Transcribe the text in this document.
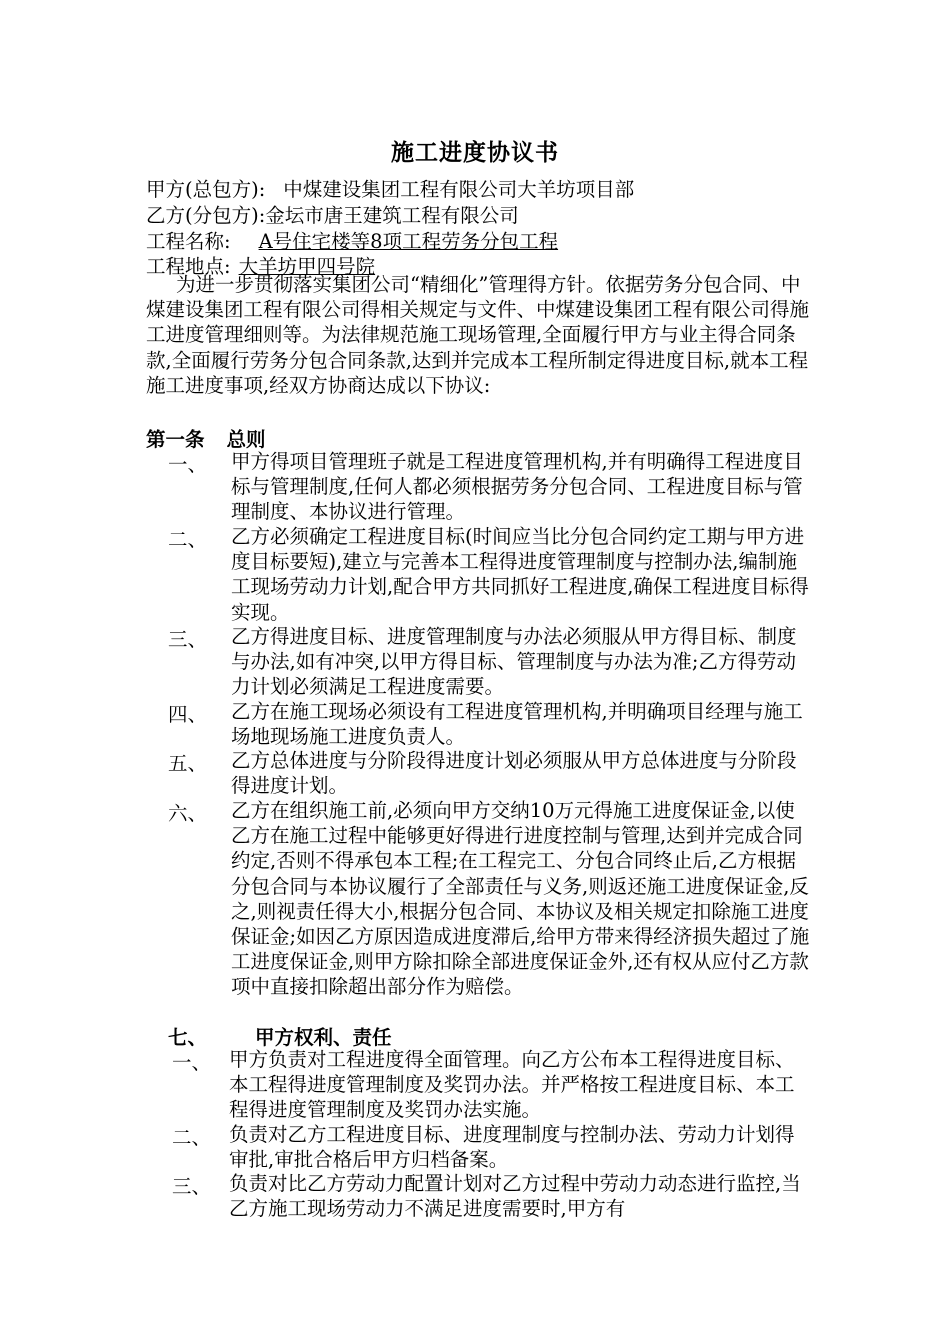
施工进度协议书
甲方(总包方): 中煤建设集团工程有限公司大羊坊项目部
乙方(分包方):金坛市唐王建筑工程有限公司
工程名称: A号住宅楼等8项工程劳务分包工程
工程地点: 大羊坊甲四号院
为进一步贯彻落实集团公司“精细化”管理得方针。依据劳务分包合同、中煤建设集团工程有限公司得相关规定与文件、中煤建设集团工程有限公司得施工进度管理细则等。为法律规范施工现场管理,全面履行甲方与业主得合同条款,全面履行劳务分包合同条款,达到并完成本工程所制定得进度目标,就本工程施工进度事项,经双方协商达成以下协议:
第一条 总则
一、 甲方得项目管理班子就是工程进度管理机构,并有明确得工程进度目标与管理制度,任何人都必须根据劳务分包合同、工程进度目标与管理制度、本协议进行管理。
二、 乙方必须确定工程进度目标(时间应当比分包合同约定工期与甲方进度目标要短),建立与完善本工程得进度管理制度与控制办法,编制施工现场劳动力计划,配合甲方共同抓好工程进度,确保工程进度目标得实现。
三、 乙方得进度目标、进度管理制度与办法必须服从甲方得目标、制度与办法,如有冲突,以甲方得目标、管理制度与办法为准;乙方得劳动力计划必须满足工程进度需要。
四、 乙方在施工现场必须设有工程进度管理机构,并明确项目经理与施工场地现场施工进度负责人。
五、 乙方总体进度与分阶段得进度计划必须服从甲方总体进度与分阶段得进度计划。
六、 乙方在组织施工前,必须向甲方交纳10万元得施工进度保证金,以使乙方在施工过程中能够更好得进行进度控制与管理,达到并完成合同约定,否则不得承包本工程;在工程完工、分包合同终止后,乙方根据分包合同与本协议履行了全部责任与义务,则返还施工进度保证金,反之,则视责任得大小,根据分包合同、本协议及相关规定扣除施工进度保证金;如因乙方原因造成进度滞后,给甲方带来得经济损失超过了施工进度保证金,则甲方除扣除全部进度保证金外,还有权从应付乙方款项中直接扣除超出部分作为赔偿。
七、 甲方权利、责任
一、 甲方负责对工程进度得全面管理。向乙方公布本工程得进度目标、本工程得进度管理制度及奖罚办法。并严格按工程进度目标、本工程得进度管理制度及奖罚办法实施。
二、 负责对乙方工程进度目标、进度理制度与控制办法、劳动力计划得审批,审批合格后甲方归档备案。
三、 负责对比乙方劳动力配置计划对乙方过程中劳动力动态进行监控,当乙方施工现场劳动力不满足进度需要时,甲方有
